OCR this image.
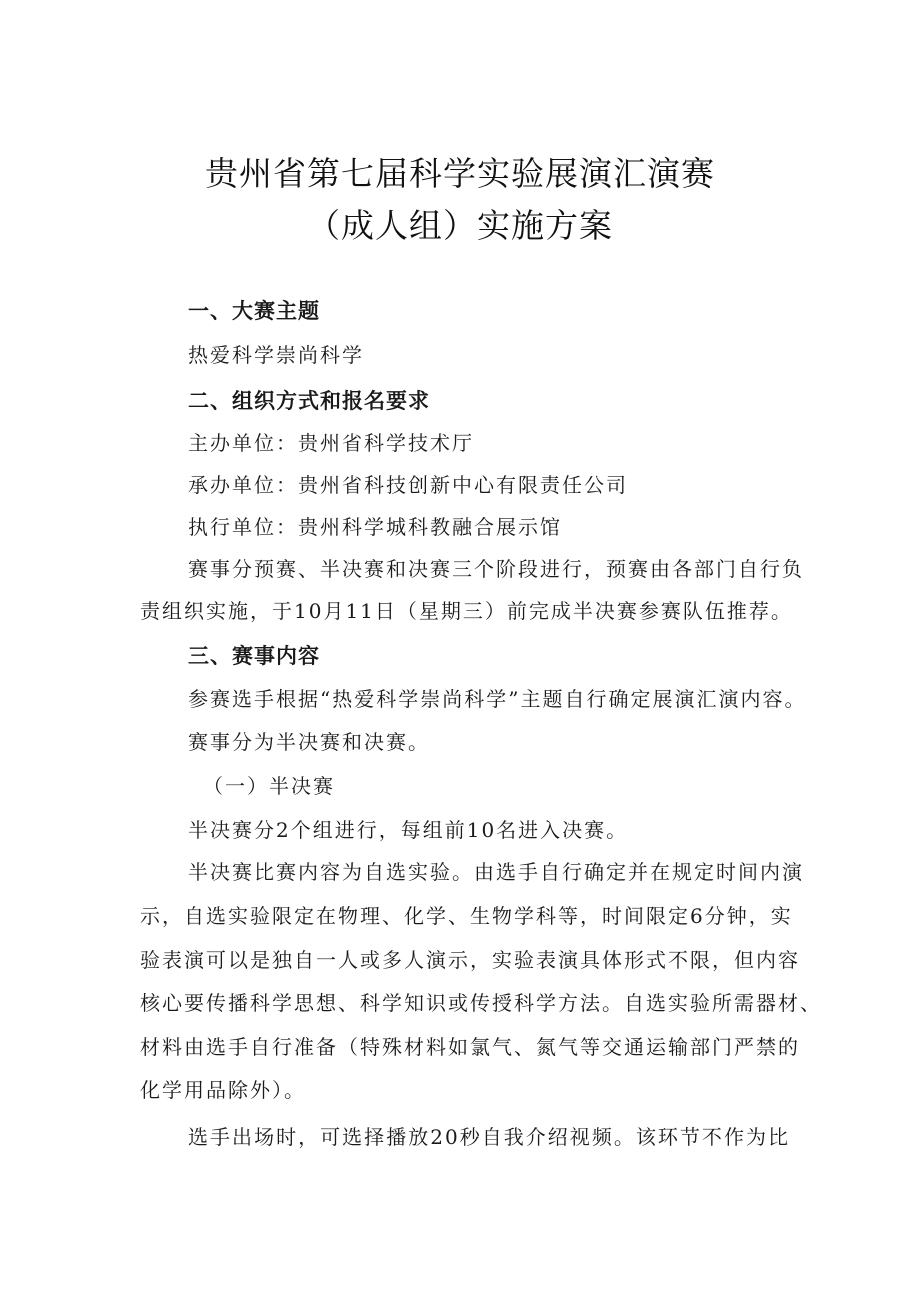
贵州省第七届科学实验展演汇演赛
（成人组）实施方案
一、大赛主题
热爱科学崇尚科学
二、组织方式和报名要求
主办单位：贵州省科学技术厅
承办单位：贵州省科技创新中心有限责任公司
执行单位：贵州科学城科教融合展示馆
赛事分预赛、半决赛和决赛三个阶段进行，预赛由各部门自行负
责组织实施，于10月11日（星期三）前完成半决赛参赛队伍推荐。
三、赛事内容
参赛选手根据“热爱科学崇尚科学”主题自行确定展演汇演内容。
赛事分为半决赛和决赛。
（一）半决赛
半决赛分2个组进行，每组前10名进入决赛。
半决赛比赛内容为自选实验。由选手自行确定并在规定时间内演
示，自选实验限定在物理、化学、生物学科等，时间限定6分钟，实
验表演可以是独自一人或多人演示，实验表演具体形式不限，但内容
核心要传播科学思想、科学知识或传授科学方法。自选实验所需器材、
材料由选手自行准备（特殊材料如氯气、氮气等交通运输部门严禁的
化学用品除外）。
选手出场时，可选择播放20秒自我介绍视频。该环节不作为比
